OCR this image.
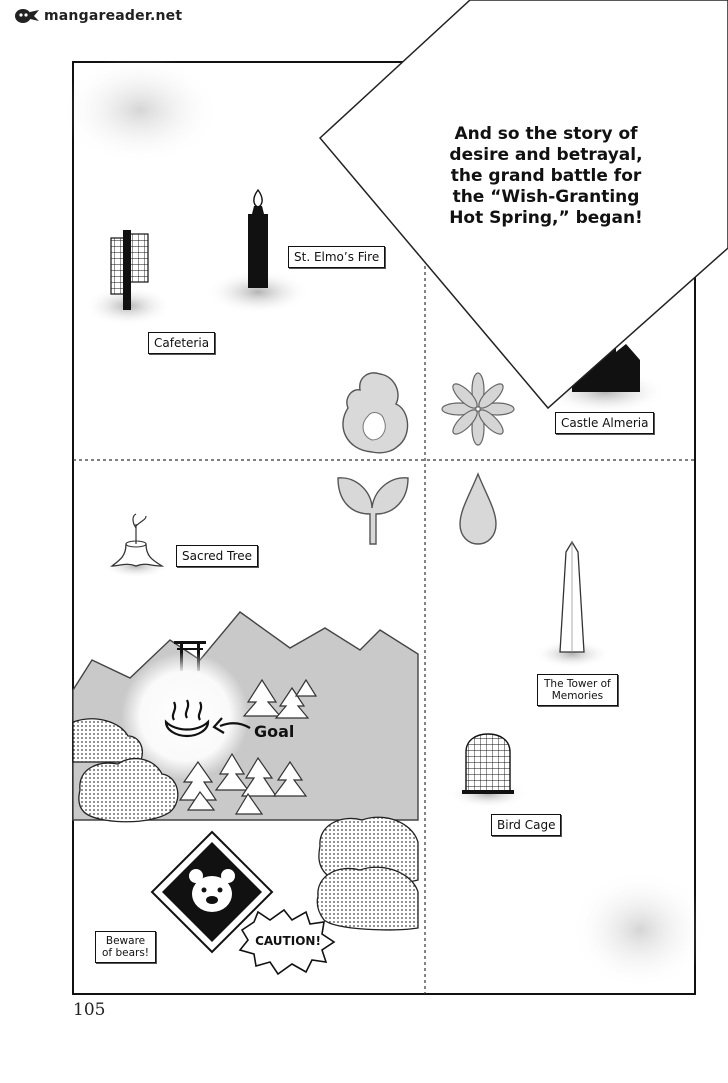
mangareader.net
And so the story of
desire and betrayal,
the grand battle for
the “Wish-Granting
Hot Spring,” began!
St. Elmo’s Fire
Cafeteria
Castle Almeria
Sacred Tree
The Tower of
Memories
Bird Cage
Beware
of bears!
Goal
CAUTION!
105
